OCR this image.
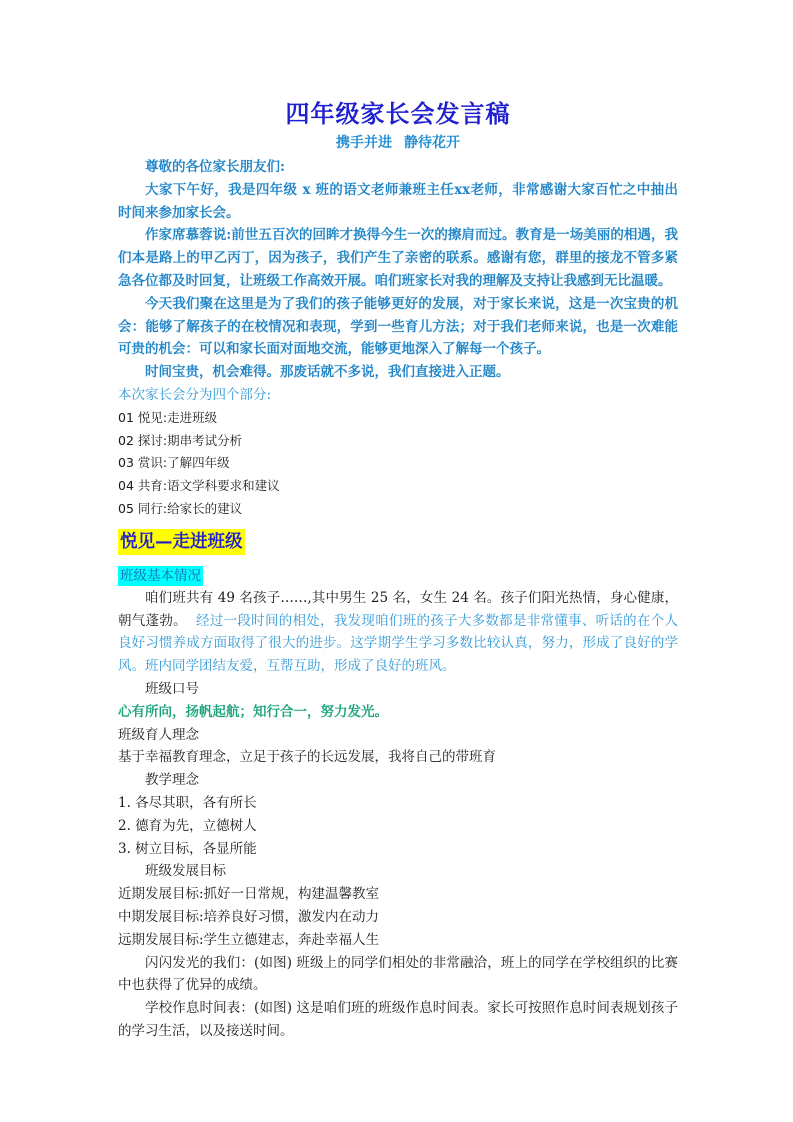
四年级家长会发言稿

携手并进 静待花开

尊敬的各位家长朋友们:

大家下午好，我是四年级 x 班的语文老师兼班主任xx老师，非常感谢大家百忙之中抽出时间来参加家长会。

作家席慕蓉说:前世五百次的回眸才换得今生一次的擦肩而过。教育是一场美丽的相遇，我们本是路上的甲乙丙丁，因为孩子，我们产生了亲密的联系。感谢有您，群里的接龙不管多紧急各位都及时回复，让班级工作高效开展。咱们班家长对我的理解及支持让我感到无比温暖。

今天我们聚在这里是为了我们的孩子能够更好的发展，对于家长来说，这是一次宝贵的机会：能够了解孩子的在校情况和表现，学到一些育儿方法；对于我们老师来说，也是一次难能可贵的机会：可以和家长面对面地交流，能够更地深入了解每一个孩子。

时间宝贵，机会难得。那废话就不多说，我们直接进入正题。

本次家长会分为四个部分:

01 悦见:走进班级

02 探讨:期串考试分析

03 赏识:了解四年级

04 共育:语文学科要求和建议

05 同行:给家长的建议

悦见—走进班级
班级基本情况

咱们班共有 49 名孩子……,其中男生 25 名，女生 24 名。孩子们阳光热情，身心健康，朝气蓬勃。 经过一段时间的相处，我发现咱们班的孩子大多数都是非常懂事、听话的在个人良好习惯养成方面取得了很大的进步。这学期学生学习多数比较认真，努力，形成了良好的学风。班内同学团结友爱，互帮互助，形成了良好的班风。

班级口号

心有所向，扬帆起航；知行合一，努力发光。

班级育人理念

基于幸福教育理念，立足于孩子的长远发展，我将自己的带班育

教学理念

1. 各尽其职，各有所长

2. 德育为先，立德树人

3. 树立目标，各显所能

班级发展目标

近期发展目标:抓好一日常规，构建温馨教室

中期发展目标:培养良好习惯，激发内在动力

远期发展目标:学生立德建志，奔赴幸福人生

闪闪发光的我们：(如图) 班级上的同学们相处的非常融洽，班上的同学在学校组织的比赛中也获得了优异的成绩。

学校作息时间表：(如图) 这是咱们班的班级作息时间表。家长可按照作息时间表规划孩子的学习生活，以及接送时间。
